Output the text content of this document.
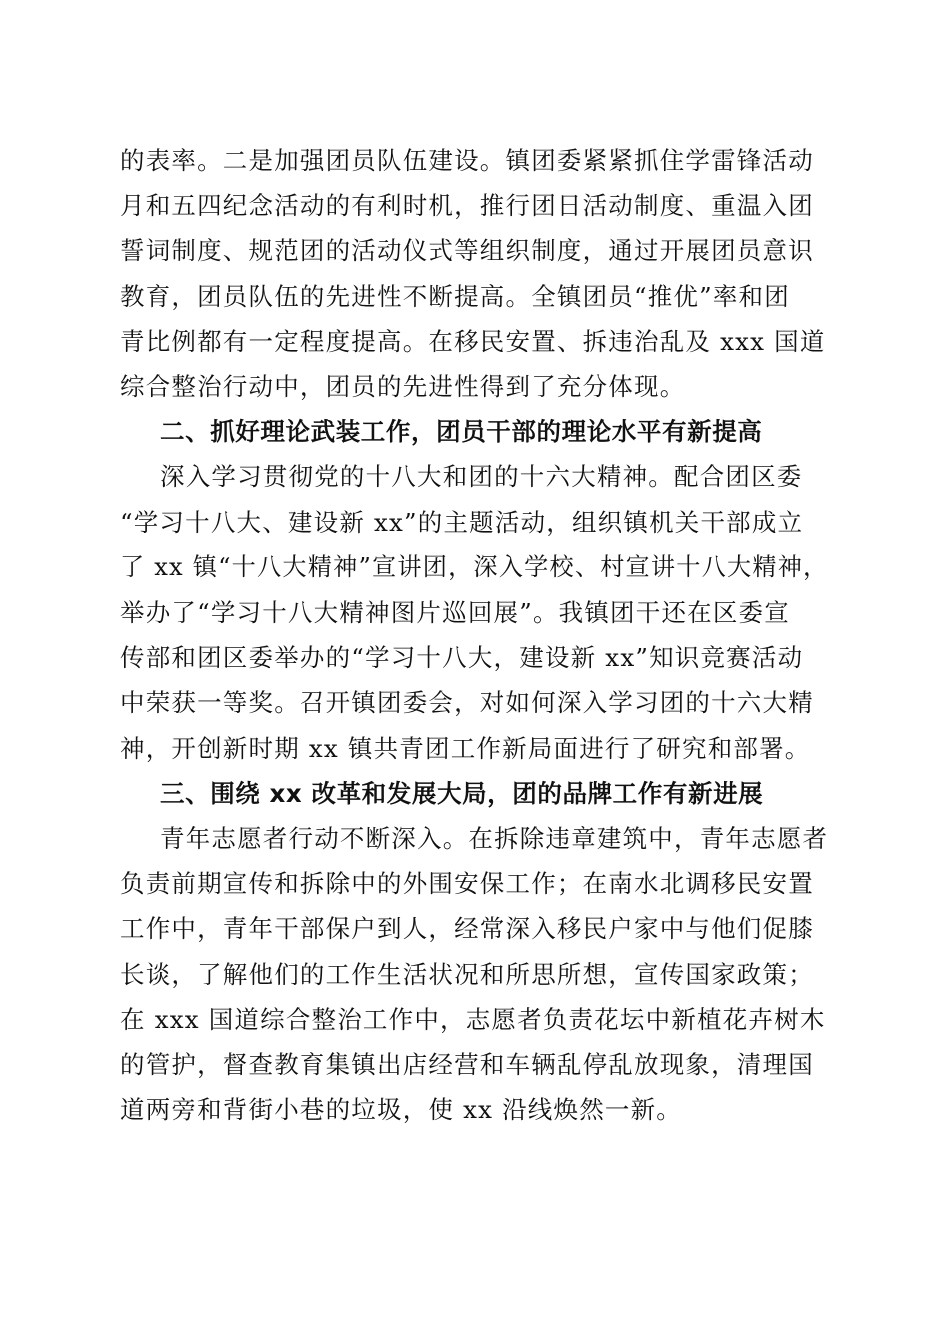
的表率。二是加强团员队伍建设。镇团委紧紧抓住学雷锋活动
月和五四纪念活动的有利时机，推行团日活动制度、重温入团
誓词制度、规范团的活动仪式等组织制度，通过开展团员意识
教育，团员队伍的先进性不断提高。全镇团员“推优”率和团
青比例都有一定程度提高。在移民安置、拆违治乱及 xxx 国道
综合整治行动中，团员的先进性得到了充分体现。
二、抓好理论武装工作，团员干部的理论水平有新提高
深入学习贯彻党的十八大和团的十六大精神。配合团区委
“学习十八大、建设新 xx”的主题活动，组织镇机关干部成立
了 xx 镇“十八大精神”宣讲团，深入学校、村宣讲十八大精神，
举办了“学习十八大精神图片巡回展”。我镇团干还在区委宣
传部和团区委举办的“学习十八大，建设新 xx”知识竞赛活动
中荣获一等奖。召开镇团委会，对如何深入学习团的十六大精
神，开创新时期 xx 镇共青团工作新局面进行了研究和部署。
三、围绕 xx 改革和发展大局，团的品牌工作有新进展
青年志愿者行动不断深入。在拆除违章建筑中，青年志愿者
负责前期宣传和拆除中的外围安保工作；在南水北调移民安置
工作中，青年干部保户到人，经常深入移民户家中与他们促膝
长谈，了解他们的工作生活状况和所思所想，宣传国家政策；
在 xxx 国道综合整治工作中，志愿者负责花坛中新植花卉树木
的管护，督查教育集镇出店经营和车辆乱停乱放现象，清理国
道两旁和背街小巷的垃圾，使 xx 沿线焕然一新。
